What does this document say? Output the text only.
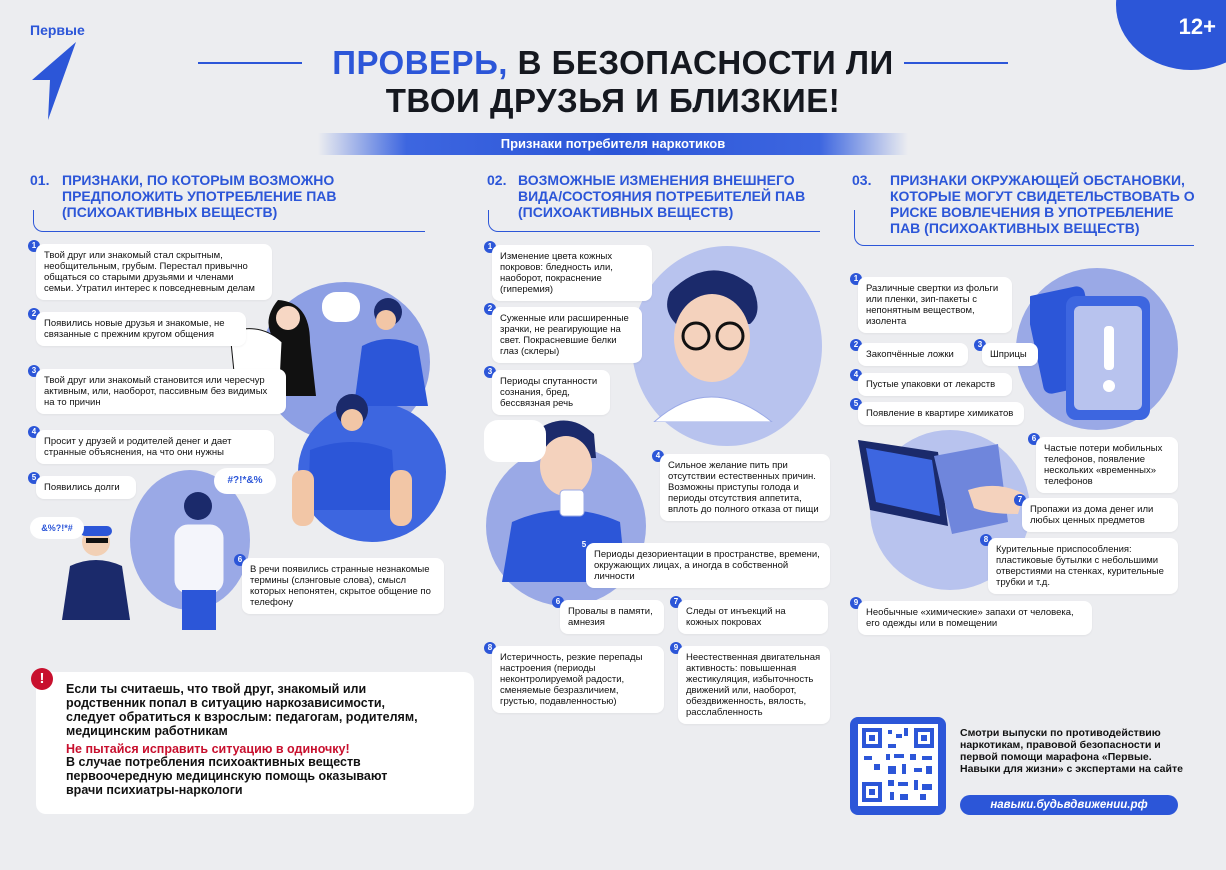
Первые	12+
ПРОВЕРЬ, В БЕЗОПАСНОСТИ ЛИ
ТВОИ ДРУЗЬЯ И БЛИЗКИЕ!
Признаки потребителя наркотиков
01. ПРИЗНАКИ, ПО КОТОРЫМ ВОЗМОЖНО ПРЕДПОЛОЖИТЬ УПОТРЕБЛЕНИЕ ПАВ (ПСИХОАКТИВНЫХ ВЕЩЕСТВ)
02. ВОЗМОЖНЫЕ ИЗМЕНЕНИЯ ВНЕШНЕГО ВИДА/СОСТОЯНИЯ ПОТРЕБИТЕЛЕЙ ПАВ (ПСИХОАКТИВНЫХ ВЕЩЕСТВ)
03. ПРИЗНАКИ ОКРУЖАЮЩЕЙ ОБСТАНОВКИ, КОТОРЫЕ МОГУТ СВИДЕТЕЛЬСТВОВАТЬ О РИСКЕ ВОВЛЕЧЕНИЯ В УПОТРЕБЛЕНИЕ ПАВ (ПСИХОАКТИВНЫХ ВЕЩЕСТВ)
#?!*&%
&%?!*#
1
Твой друг или знакомый стал скрытным, необщительным, грубым. Перестал привычно общаться со старыми друзьями и членами семьи. Утратил интерес к повседневным делам
2
Появились новые друзья и знакомые, не связанные с прежним кругом общения
3
Твой друг или знакомый становится или чересчур активным, или, наоборот, пассивным без видимых на то причин
4
Просит у друзей и родителей денег и дает странные объяснения, на что они нужны
5
Появились долги
6
В речи появились странные незнакомые термины (слэнговые слова), смысл которых непонятен, скрытое общение по телефону
1
Изменение цвета кожных покровов: бледность или, наоборот, покраснение (гиперемия)
2
Суженные или расширенные зрачки, не реагирующие на свет. Покрасневшие белки глаз (склеры)
3
Периоды спутанности сознания, бред, бессвязная речь
4
Сильное желание пить при отсутствии естественных причин. Возможны приступы голода и периоды отсутствия аппетита, вплоть до полного отказа от пищи
5
Периоды дезориентации в пространстве, времени, окружающих лицах, а иногда в собственной личности
6
Провалы в памяти, амнезия
7
Следы от инъекций на кожных покровах
8
Истеричность, резкие перепады настроения (периоды неконтролируемой радости, сменяемые безразличием, грустью, подавленностью)
9
Неестественная двигательная активность: повышенная жестикуляция, избыточность движений или, наоборот, обездвиженность, вялость, расслабленность
1
Различные свертки из фольги или пленки, зип-пакеты с непонятным веществом, изолента
2
Закопчённые ложки
3
Шприцы
4
Пустые упаковки от лекарств
5
Появление в квартире химикатов
6
Частые потери мобильных телефонов, появление нескольких «временных» телефонов
7
Пропажи из дома денег или любых ценных предметов
8
Курительные приспособления: пластиковые бутылки с небольшими отверстиями на стенках, курительные трубки и т.д.
9
Необычные «химические» запахи от человека, его одежды или в помещении
!
Если ты считаешь, что твой друг, знакомый или родственник попал в ситуацию наркозависимости, следует обратиться к взрослым: педагогам, родителям, медицинским работникам
Не пытайся исправить ситуацию в одиночку!
В случае потребления психоактивных веществ первоочередную медицинскую помощь оказывают врачи психиатры-наркологи
Смотри выпуски по противодействию наркотикам, правовой безопасности и первой помощи марафона «Первые. Навыки для жизни» с экспертами на сайте
навыки.будьвдвижении.рф
